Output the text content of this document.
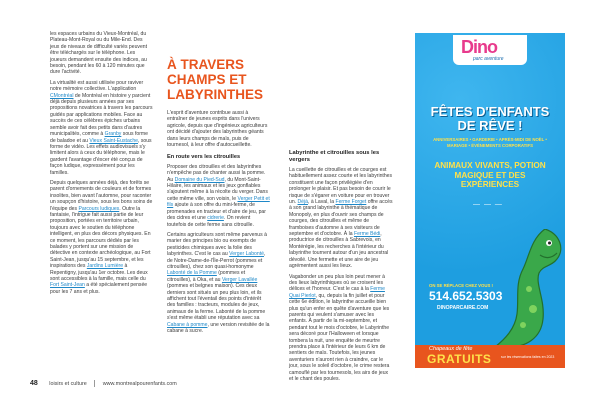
les espaces urbains du Vieux-Montréal, du Plateau-Mont-Royal ou du Mile-End. Des jeux de niveaux de difficulté variés peuvent être téléchargés sur le téléphone. Les joueurs demandent ensuite des indices, au besoin, pendant les 60 à 120 minutes que dure l'activité.

La virtualité est aussi utilisée pour raviver notre mémoire collective. L'application CMontréal de Montréal en histoire y parcient déjà depuis plusieurs années par ses propositions novatrices à travers les parcours guidés par applications mobiles. Face au succès de ces célèbres épiches urbains semble avoir fait des petits dans d'autres municipalités, comme à Granby sous forme de baladoe et au Vieux Saint-Eustache, sous forme de vidéo. Les effets audiovisuels s'y limitent alors à ceux du téléphone, mais le gardent l'avantage d'éxcer été conçus de façon ludique, expressément pour les familles.

Depuis quelques années déjà, des forêts se parent d'ornements de couleurs et de formes insolites, bien avant l'automne, pour raconter un soupçon d'histoire, sous les bons soins de l'équipe des Parcours ludiques. Outre la fantaisie, l'intrigue fait aussi partie de leur proposition, portées en territoire urbain, toujours avec le soutien du téléphone intelligent, en plus des décors physiques. En ce moment, les parcours dédiés par les balades y portent sur une mission de détective en contexte archéologique, au Fort Saint-Jean, jusqu'au 15 septembre, et les inspirations des Jardins Lumière à Repentigny, jusqu'au 1er octobre. Les deux sont accessibles à la famille, mais celle du Fort Saint-Jean a été spécialement pensée pour les 7 ans et plus.

À TRAVERS CHAMPS ET LABYRINTHES

L'esprit d'aventure contribue aussi à entraîner de jeunes esprits dans l'univers agricole, depuis que d'ingénieux agriculteurs ont décidé d'ajouter des labyrinthes géants dans leurs champs de maïs, puis de tournesol, à leur offre d'autocueillette.

En route vers les citrouilles

Proposer des citrouilles et des labyrinthes n'empêche pas de chanter aussi la pomme. Au Domaine du Pied-Sud, du Mont-Saint-Hilaire, les animaux et les jeux gonflables s'ajoutent même à la récolte du verger. Dans cette même ville, son voisin, le Verger Petit et fils ajoute à son offre du mini-ferme, de promenades en tracteur et d'aire de jeu, par des cidres et une cidrerie. On revient toutefois de cette ferme sans citrouille.

Certains agriculteurs sont même parvenus à marier des principes bio ou exempts de pesticides chimiques avec la folie des labyrinthes. C'est le cas au Verger Labonté, de Notre-Dame-de-l'Île-Perrot (pommes et citrouilles), chez son quasi-homonyme Labonté de la Pomme (pommes et citrouilles), à Oka, et au Verger Lavallée (pommes et belgnes maison). Ces deux derniers sont situés un peu plus loin, et ils affichent tout l'éventail des points d'intérêt des familles : tracteurs, modules de jeux, animaux de la ferme. Labonté de la pomme s'est même établi une réputation avec sa Cabane à pomme, une version revisitée de la cabane à sucre.

Labyrinthe et citrouilles sous les vergers

La cueillette de citrouilles et de courges est habituellement assez courte et les labyrinthes constituent une façon privilégiée d'en prolonger le plaisir. Et pas besoin de courir le risque de s'égarer en voiture pour en trouver un. Déjà, à Laval, la Ferme Forget offre accès à son grand labyrinthe à thématique de Monopoly, en plus d'ouvrir ses champs de courges, des citrouilles et même de framboises d'automne à ses visiteurs de septembre et d'octobre. À la Ferme Bédi, productrice de citrouilles à Sabrevois, en Montérégie, les recherches à l'intérieur du labyrinthe tournent autour d'un jeu ancestral dévoilé. Une fermette et une aire de jeu agrémentent aussi les lieux.

Vagabonder un peu plus loin peut mener à des lieux labyrinthiques où se croisent les délices et l'horreur. C'est le cas à la Ferme Quai Pierlot, qu, depuis la fin juillet et pour cette 6e édition, le labyrinthe accueille bien plus qu'un enfer en quête d'aventure que les parents qui veulent s'amuser avec les enfants. À partir de la mi-septembre, et pendant tout le mois d'octobre, le Labyrinthe sera décoré pour l'Halloween et lorsque tombera la nuit, une enquête de meurtre prendra place à l'intérieur de leurs 6 km de sentiers de maïs. Toutefois, les jeunes aventuriers n'auront rien à craindre, car le jour, sous le soleil d'octobre, le crime restera camouflé par les tournesols, les airs de jeux et le chant des poules.

48 loisirs et culture	www.montrealpourenfants.com
Dino
parc aventure
FÊTES D'ENFANTS DE RÊVE !
ANNIVERSAIRES • GARDERIE • APRÈS-MIDI DE NOËL • MARIAGE • ÉVÉNEMENTS CORPORATIFS
ANIMAUX VIVANTS, POTION MAGIQUE ET DES EXPÉRIENCES
— — —
ON SE RÉPLACE CHEZ VOUS !
514.652.5303
DINOPARCAIRE.COM
Chapeaux de fête
GRATUITS	sur les réservations faites en 2023
